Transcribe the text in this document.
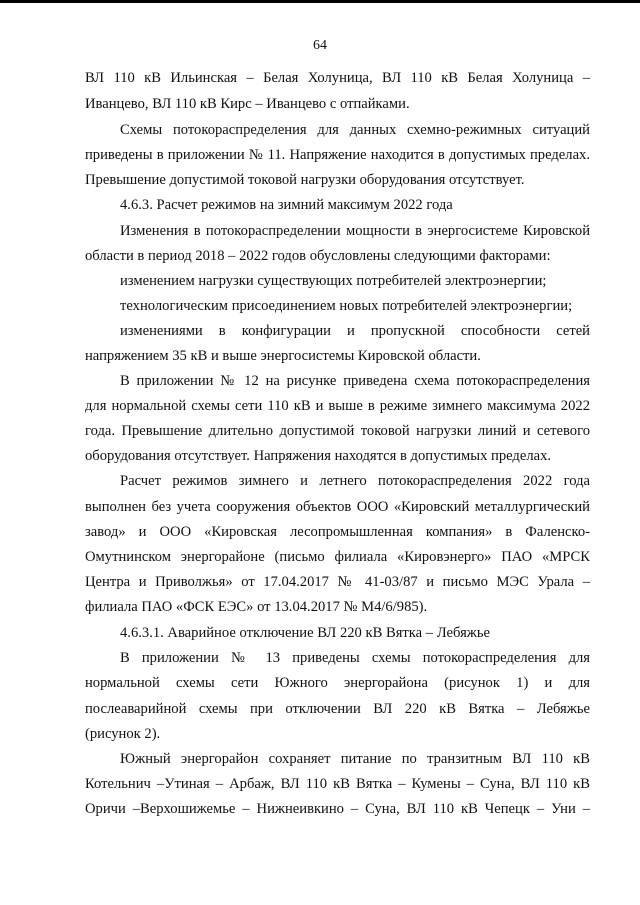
64
ВЛ 110 кВ Ильинская – Белая Холуница, ВЛ 110 кВ Белая Холуница –
Иванцево, ВЛ 110 кВ Кирс – Иванцево с отпайками.
Схемы потокораспределения для данных схемно-режимных ситуаций
приведены в приложении № 11. Напряжение находится в допустимых пределах.
Превышение допустимой токовой нагрузки оборудования отсутствует.
4.6.3. Расчет режимов на зимний максимум 2022 года
Изменения в потокораспределении мощности в энергосистеме Кировской
области в период 2018 – 2022 годов обусловлены следующими факторами:
изменением нагрузки существующих потребителей электроэнергии;
технологическим присоединением новых потребителей электроэнергии;
изменениями в конфигурации и пропускной способности сетей
напряжением 35 кВ и выше энергосистемы Кировской области.
В приложении № 12 на рисунке приведена схема потокораспределения
для нормальной схемы сети 110 кВ и выше в режиме зимнего максимума 2022
года. Превышение длительно допустимой токовой нагрузки линий и сетевого
оборудования отсутствует. Напряжения находятся в допустимых пределах.
Расчет режимов зимнего и летнего потокораспределения 2022 года
выполнен без учета сооружения объектов ООО «Кировский металлургический
завод» и ООО «Кировская лесопромышленная компания» в Фаленско-
Омутнинском энергорайоне (письмо филиала «Кировэнерго» ПАО «МРСК
Центра и Приволжья» от 17.04.2017 № 41-03/87 и письмо МЭС Урала –
филиала ПАО «ФСК ЕЭС» от 13.04.2017 № М4/6/985).
4.6.3.1. Аварийное отключение ВЛ 220 кВ Вятка – Лебяжье
В приложении № 13 приведены схемы потокораспределения для
нормальной схемы сети Южного энергорайона (рисунок 1) и для
послеаварийной схемы при отключении ВЛ 220 кВ Вятка – Лебяжье
(рисунок 2).
Южный энергорайон сохраняет питание по транзитным ВЛ 110 кВ
Котельнич –Утиная – Арбаж, ВЛ 110 кВ Вятка – Кумены – Суна, ВЛ 110 кВ
Оричи –Верхошижемье – Нижнеивкино – Суна, ВЛ 110 кВ Чепецк – Уни –
